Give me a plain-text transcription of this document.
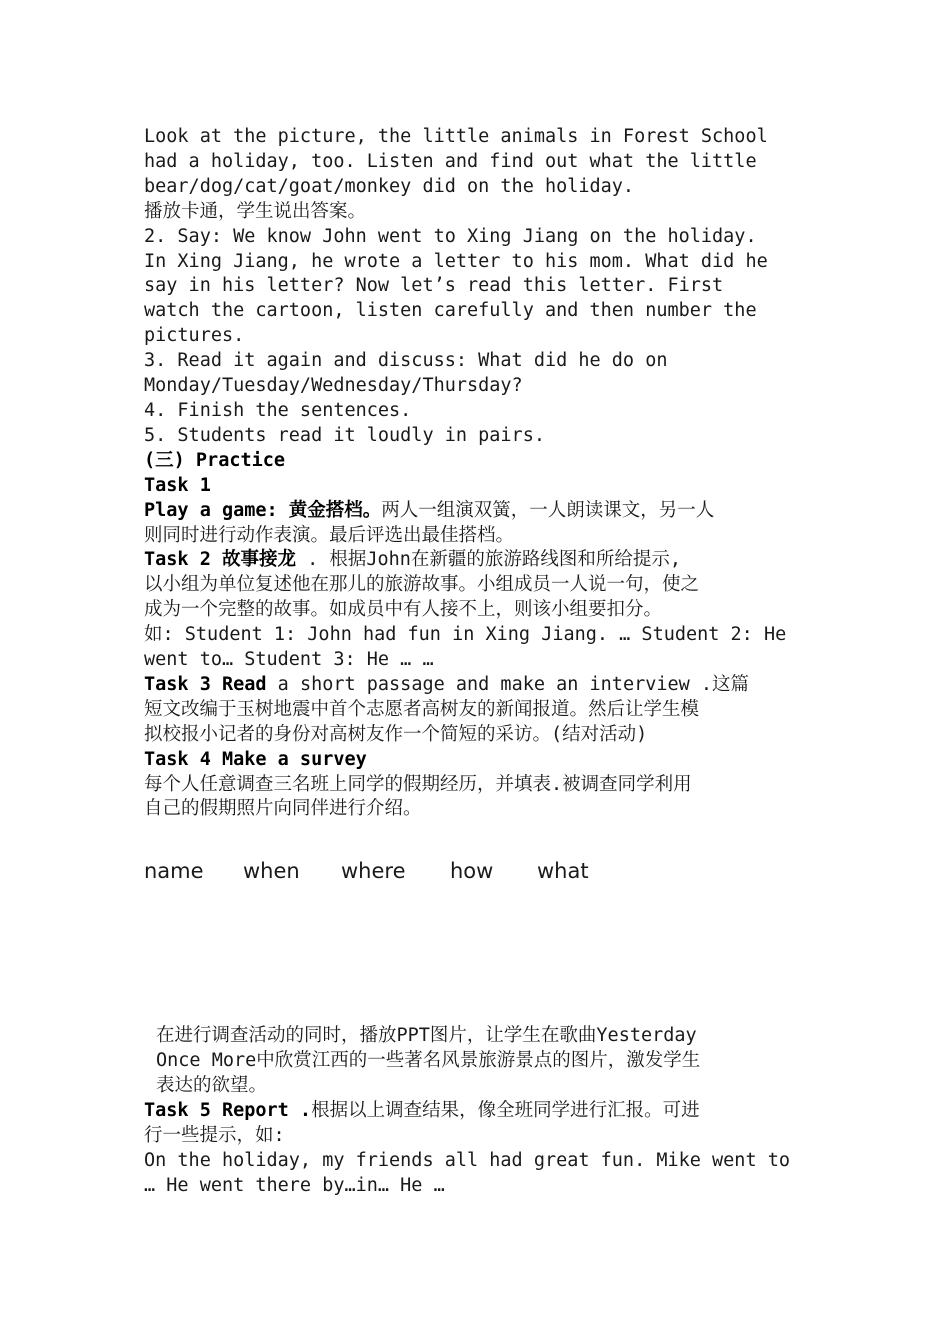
Look at the picture, the little animals in Forest School
had a holiday, too. Listen and find out what the little
bear/dog/cat/goat/monkey did on the holiday.
播放卡通，学生说出答案。
2. Say: We know John went to Xing Jiang on the holiday.
In Xing Jiang, he wrote a letter to his mom. What did he
say in his letter? Now let’s read this letter. First
watch the cartoon, listen carefully and then number the
pictures.
3. Read it again and discuss: What did he do on
Monday/Tuesday/Wednesday/Thursday?
4. Finish the sentences.
5. Students read it loudly in pairs.
(三) Practice
Task 1
Play a game: 黄金搭档。两人一组演双簧，一人朗读课文，另一人
则同时进行动作表演。最后评选出最佳搭档。
Task 2 故事接龙 . 根据John在新疆的旅游路线图和所给提示,
以小组为单位复述他在那儿的旅游故事。小组成员一人说一句，使之
成为一个完整的故事。如成员中有人接不上，则该小组要扣分。
如: Student 1: John had fun in Xing Jiang. … Student 2: He
went to… Student 3: He … …
Task 3 Read a short passage and make an interview .这篇
短文改编于玉树地震中首个志愿者高树友的新闻报道。然后让学生模
拟校报小记者的身份对高树友作一个简短的采访。(结对活动)
Task 4 Make a survey
每个人任意调查三名班上同学的假期经历，并填表.被调查同学利用
自己的假期照片向同伴进行介绍。
name	when	where	how	what
在进行调查活动的同时，播放PPT图片，让学生在歌曲Yesterday
Once More中欣赏江西的一些著名风景旅游景点的图片，激发学生
表达的欲望。
Task 5 Report .根据以上调查结果，像全班同学进行汇报。可进
行一些提示，如:
On the holiday, my friends all had great fun. Mike went to
… He went there by…in… He …
